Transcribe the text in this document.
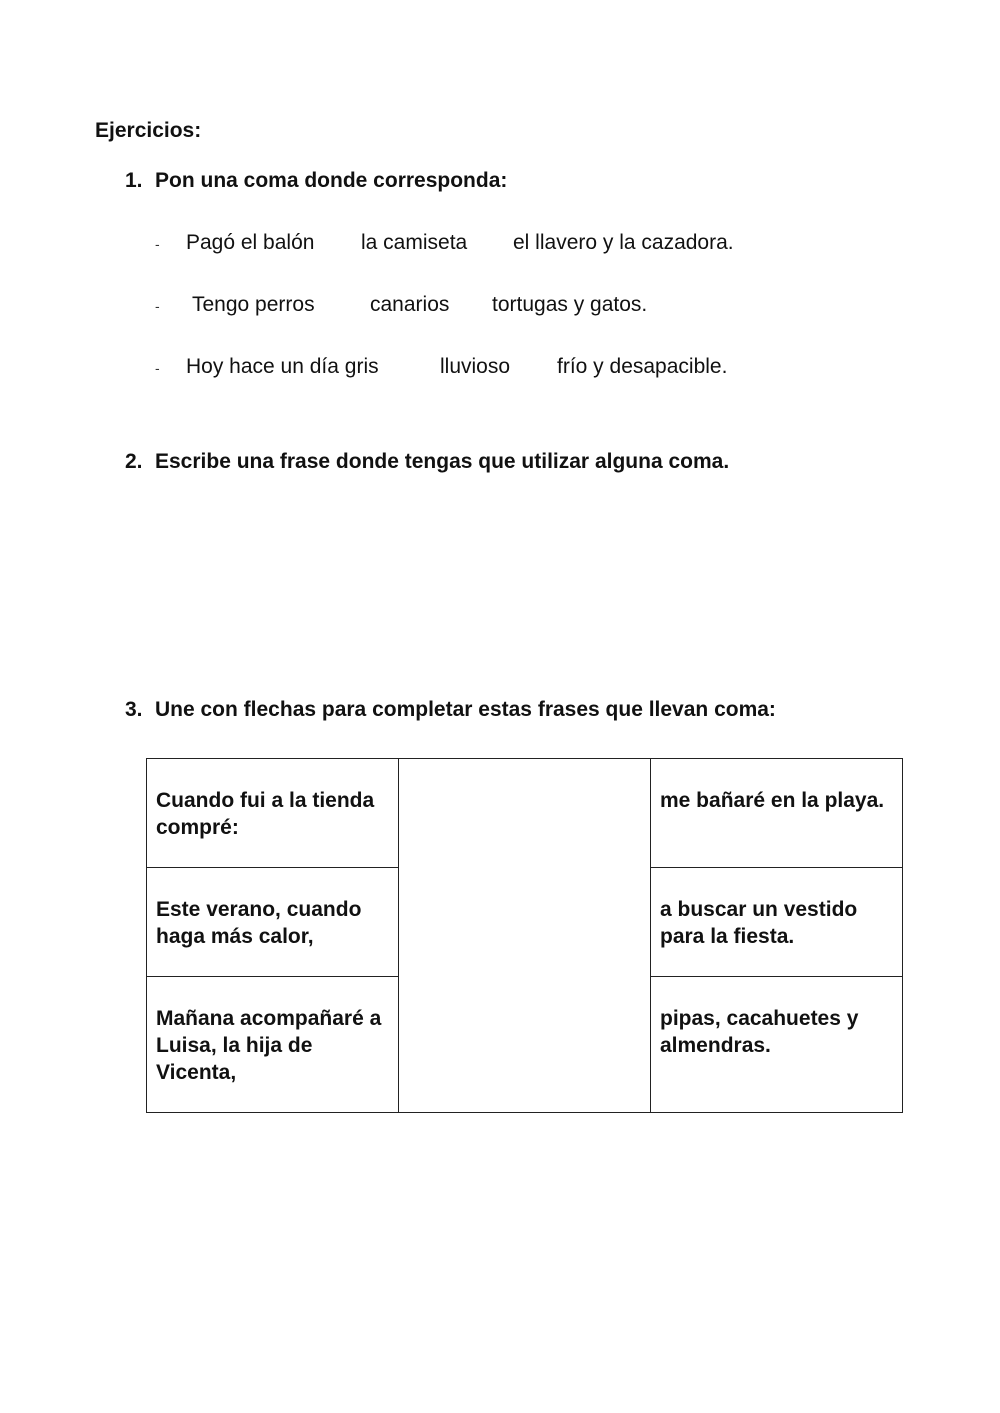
Ejercicios:
1. Pon una coma donde corresponda:
- Pagó el balón la camiseta el llavero y la cazadora.
- Tengo perros	canarios tortugas y gatos.
- Hoy hace un día gris	lluvioso frío y desapacible.
2. Escribe una frase donde tengas que utilizar alguna coma.
3. Une con flechas para completar estas frases que llevan coma:
Cuando fui a la tienda compré:		me bañaré en la playa.

Este verano, cuando haga más calor,		a buscar un vestido para la fiesta.

Mañana acompañaré a Luisa, la hija de Vicenta,		pipas, cacahuetes y almendras.
